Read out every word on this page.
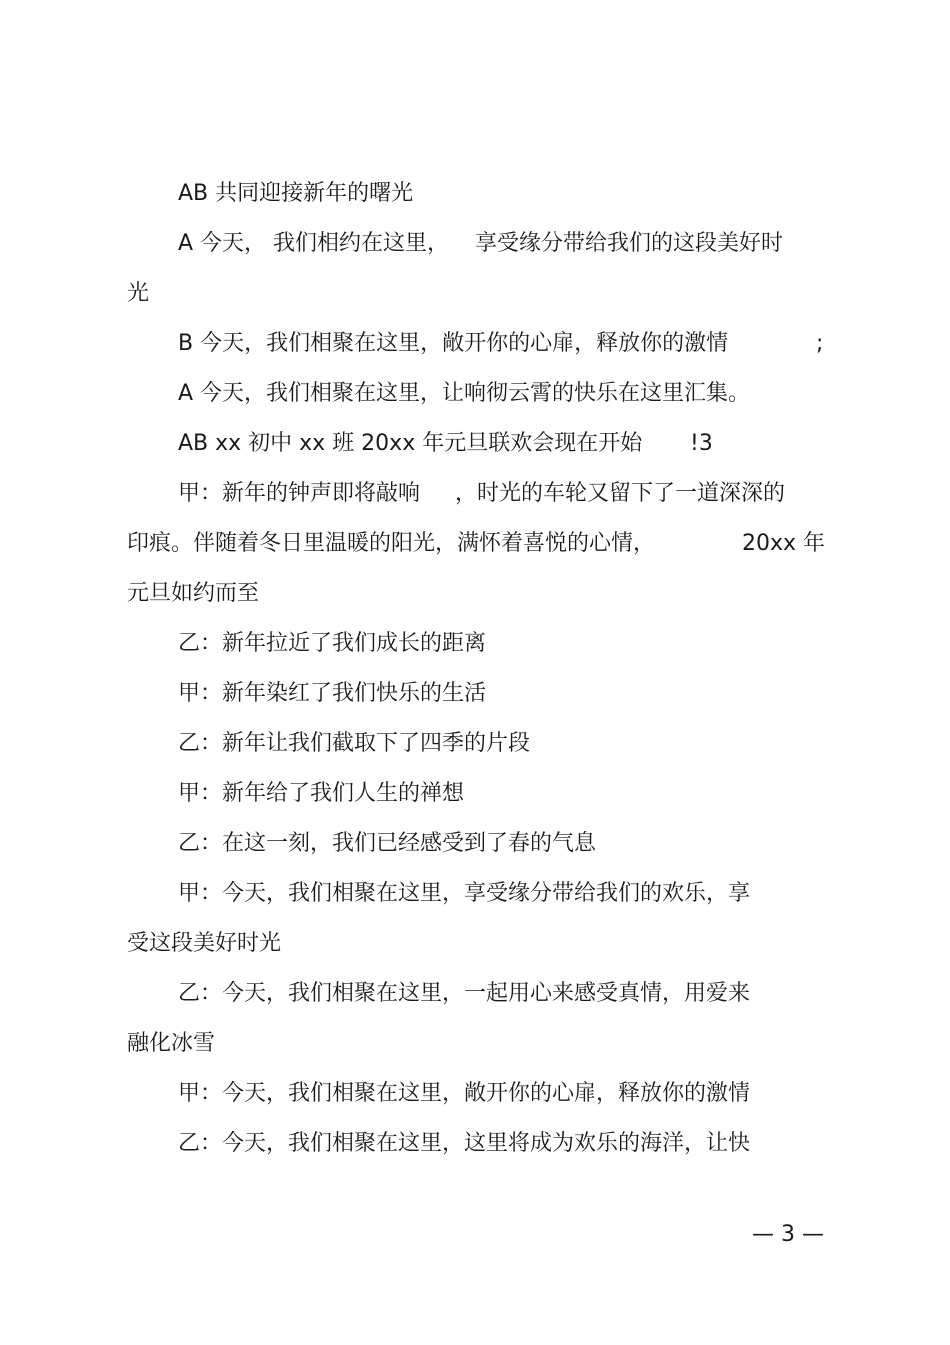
AB 共同迎接新年的曙光
A 今天， 我们相约在这里， 享受缘分带给我们的这段美好时
光
B 今天，我们相聚在这里，敞开你的心扉，释放你的激情	;
A 今天，我们相聚在这里，让响彻云霄的快乐在这里汇集。
AB xx 初中 xx 班 20xx 年元旦联欢会现在开始 !3
甲：新年的钟声即将敲响 ，时光的车轮又留下了一道深深的
印痕。伴随着冬日里温暖的阳光，满怀着喜悦的心情，	20xx 年
元旦如约而至
乙：新年拉近了我们成长的距离
甲：新年染红了我们快乐的生活
乙：新年让我们截取下了四季的片段
甲：新年给了我们人生的禅想
乙：在这一刻，我们已经感受到了春的气息
甲：今天，我们相聚在这里，享受缘分带给我们的欢乐，享
受这段美好时光
乙：今天，我们相聚在这里，一起用心来感受真情，用爱来
融化冰雪
甲：今天，我们相聚在这里，敞开你的心扉，释放你的激情
乙：今天，我们相聚在这里，这里将成为欢乐的海洋，让快
— 3 —
